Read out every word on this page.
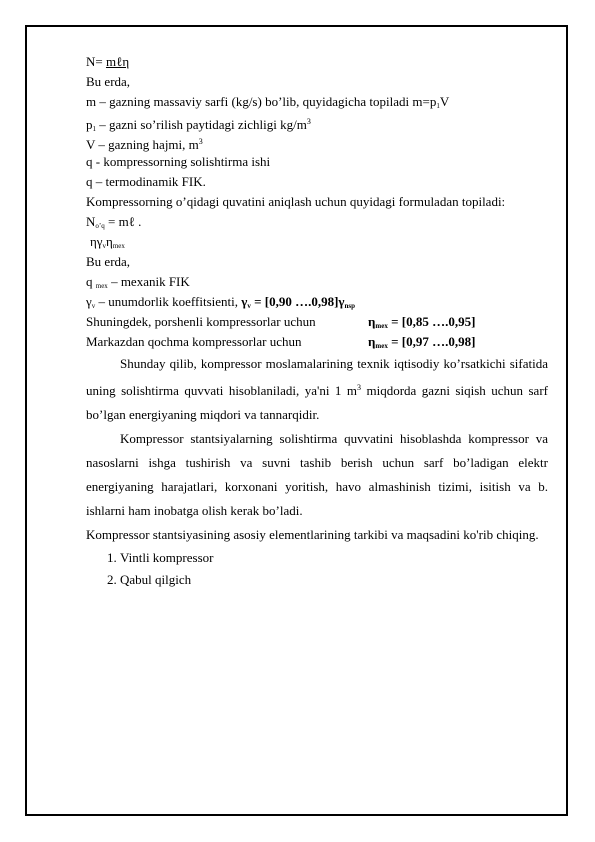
N= mℓη
Bu erda,
m – gazning massaviy sarfi (kg/s) bo’lib, quyidagicha topiladi $m=p_1V$
$p_1$ – gazni so’rilish paytidagi zichligi $kg/m^3$
V – gazning hajmi, $m^3$
q - kompressorning solishtirma ishi
q – termodinamik FIK.
Kompressorning o’qidagi quvatini aniqlash uchun quyidagi formuladan topiladi:
$N_{o’q}$ = mℓ .
$\eta\gamma_v\eta_{mex}$
Bu erda,
q $_{mex}$ – mexanik FIK
$\gamma_v$ – unumdorlik koeffitsienti, $\gamma_v = [0,90$ $\dots.0,98]\gamma_{nsp}$
Shuningdek, porshenli kompressorlar uchun	$\eta_{mex} = [0,85$ ….0,95]
Markazdan qochma kompressorlar uchun	$\eta_{mex} = [0,97$ ….0,98]

Shunday qilib, kompressor moslamalarining texnik iqtisodiy ko’rsatkichi sifatida uning solishtirma quvvati hisoblaniladi, ya'ni 1 $m^3$ miqdorda gazni siqish uchun sarf bo’lgan energiyaning miqdori va tannarqidir.

Kompressor stantsiyalarning solishtirma quvvatini hisoblashda kompressor va nasoslarni ishga tushirish va suvni tashib berish uchun sarf bo’ladigan elektr energiyaning harajatlari, korxonani yoritish, havo almashinish tizimi, isitish va b. ishlarni ham inobatga olish kerak bo’ladi.

Kompressor stantsiyasining asosiy elementlarining tarkibi va maqsadini ko'rib chiqing.

1. Vintli kompressor
2. Qabul qilgich
